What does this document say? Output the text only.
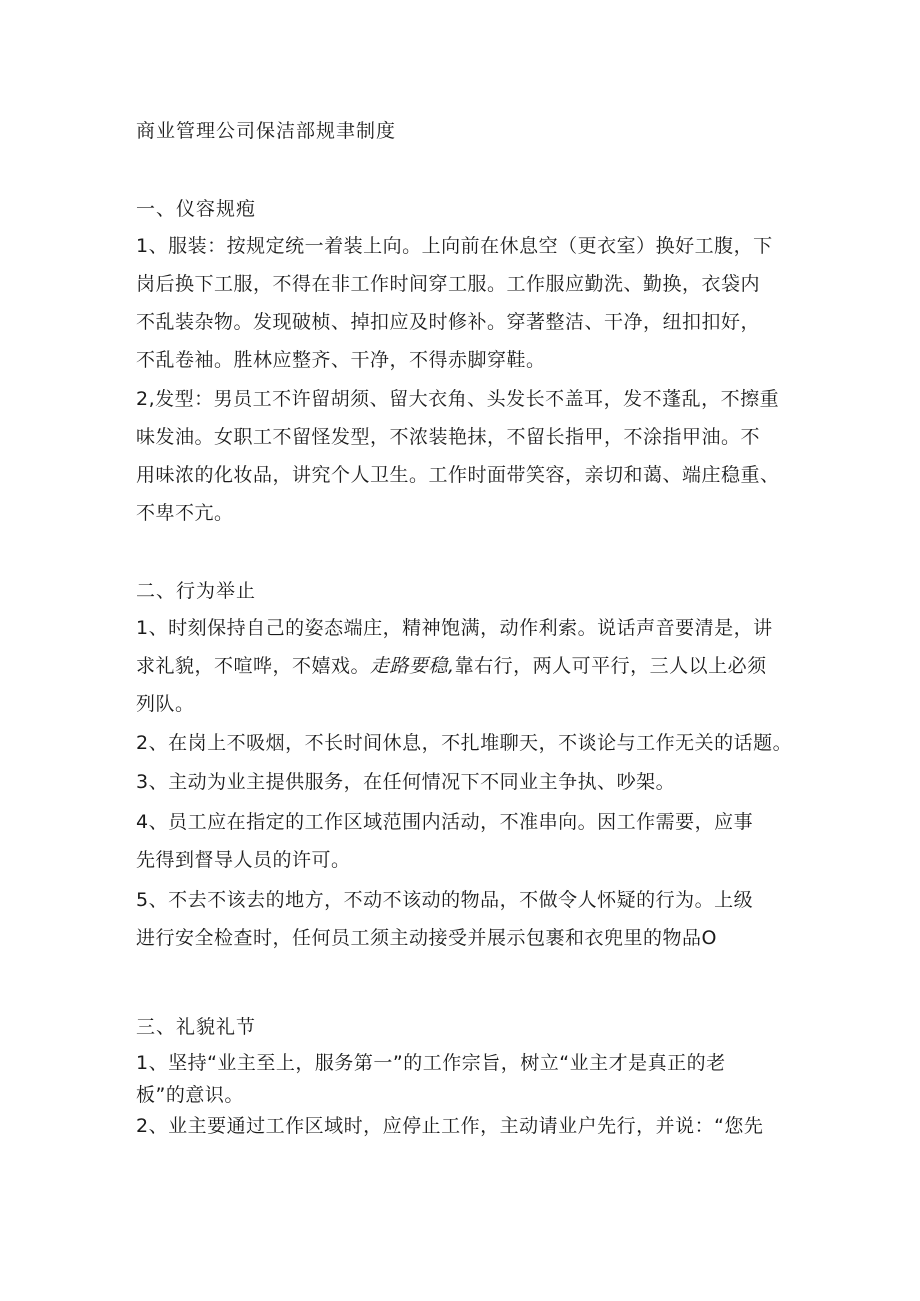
商业管理公司保洁部规聿制度
一、仪容规疱
1、服装：按规定统一着装上向。上向前在休息空（更衣室）换好工腹，下
岗后换下工服，不得在非工作时间穿工服。工作服应勤洗、勤换，衣袋内
不乱装杂物。发现破桢、掉扣应及时修补。穿著整洁、干净，纽扣扣好，
不乱卷袖。胜林应整齐、干净，不得赤脚穿鞋。
2,发型：男员工不许留胡须、留大衣角、头发长不盖耳，发不蓬乱，不擦重
味发油。女职工不留怪发型，不浓装艳抹，不留长指甲，不涂指甲油。不
用味浓的化妆品，讲究个人卫生。工作时面带笑容，亲切和蔼、端庄稳重、
不卑不亢。
二、行为举止
1、时刻保持自己的姿态端庄，精神饱满，动作利索。说话声音要清是，讲
求礼貌，不喧哗，不嬉戏。走路要稳,靠右行，两人可平行，三人以上必须
列队。
2、在岗上不吸烟，不长时间休息，不扎堆聊天，不谈论与工作无关的话题。
3、主动为业主提供服务，在任何情况下不同业主争执、吵架。
4、员工应在指定的工作区域范围内活动，不准串向。因工作需要，应事
先得到督导人员的许可。
5、不去不该去的地方，不动不该动的物品，不做令人怀疑的行为。上级
进行安全检查时，任何员工须主动接受并展示包裹和衣兜里的物品O
三、礼貌礼节
1、坚持“业主至上，服务第一”的工作宗旨，树立“业主才是真正的老
板”的意识。
2、业主要通过工作区域时，应停止工作，主动请业户先行，并说：“您先
